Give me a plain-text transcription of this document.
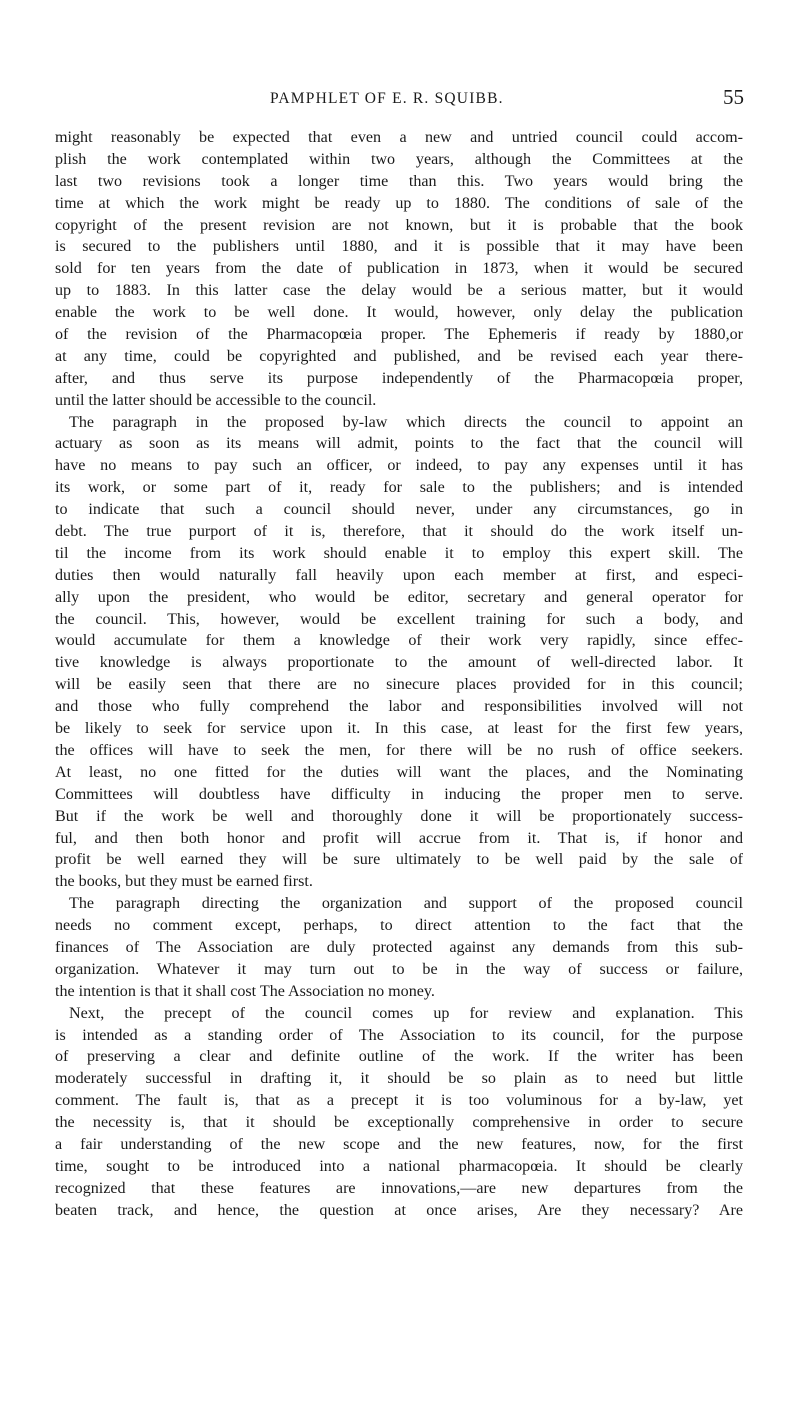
PAMPHLET OF E. R. SQUIBB.	55
might reasonably be expected that even a new and untried council could accom-
plish the work contemplated within two years, although the Committees at the
last two revisions took a longer time than this. Two years would bring the
time at which the work might be ready up to 1880. The conditions of sale of the
copyright of the present revision are not known, but it is probable that the book
is secured to the publishers until 1880, and it is possible that it may have been
sold for ten years from the date of publication in 1873, when it would be secured
up to 1883. In this latter case the delay would be a serious matter, but it would
enable the work to be well done. It would, however, only delay the publication
of the revision of the Pharmacopœia proper. The Ephemeris if ready by 1880,or
at any time, could be copyrighted and published, and be revised each year there-
after, and thus serve its purpose independently of the Pharmacopœia proper,
until the latter should be accessible to the council.
The paragraph in the proposed by-law which directs the council to appoint an
actuary as soon as its means will admit, points to the fact that the council will
have no means to pay such an officer, or indeed, to pay any expenses until it has
its work, or some part of it, ready for sale to the publishers; and is intended
to indicate that such a council should never, under any circumstances, go in
debt. The true purport of it is, therefore, that it should do the work itself un-
til the income from its work should enable it to employ this expert skill. The
duties then would naturally fall heavily upon each member at first, and especi-
ally upon the president, who would be editor, secretary and general operator for
the council. This, however, would be excellent training for such a body, and
would accumulate for them a knowledge of their work very rapidly, since effec-
tive knowledge is always proportionate to the amount of well-directed labor. It
will be easily seen that there are no sinecure places provided for in this council;
and those who fully comprehend the labor and responsibilities involved will not
be likely to seek for service upon it. In this case, at least for the first few years,
the offices will have to seek the men, for there will be no rush of office seekers.
At least, no one fitted for the duties will want the places, and the Nominating
Committees will doubtless have difficulty in inducing the proper men to serve.
But if the work be well and thoroughly done it will be proportionately success-
ful, and then both honor and profit will accrue from it. That is, if honor and
profit be well earned they will be sure ultimately to be well paid by the sale of
the books, but they must be earned first.
The paragraph directing the organization and support of the proposed council
needs no comment except, perhaps, to direct attention to the fact that the
finances of The Association are duly protected against any demands from this sub-
organization. Whatever it may turn out to be in the way of success or failure,
the intention is that it shall cost The Association no money.
Next, the precept of the council comes up for review and explanation. This
is intended as a standing order of The Association to its council, for the purpose
of preserving a clear and definite outline of the work. If the writer has been
moderately successful in drafting it, it should be so plain as to need but little
comment. The fault is, that as a precept it is too voluminous for a by-law, yet
the necessity is, that it should be exceptionally comprehensive in order to secure
a fair understanding of the new scope and the new features, now, for the first
time, sought to be introduced into a national pharmacopœia. It should be clearly
recognized that these features are innovations,—are new departures from the
beaten track, and hence, the question at once arises, Are they necessary? Are
